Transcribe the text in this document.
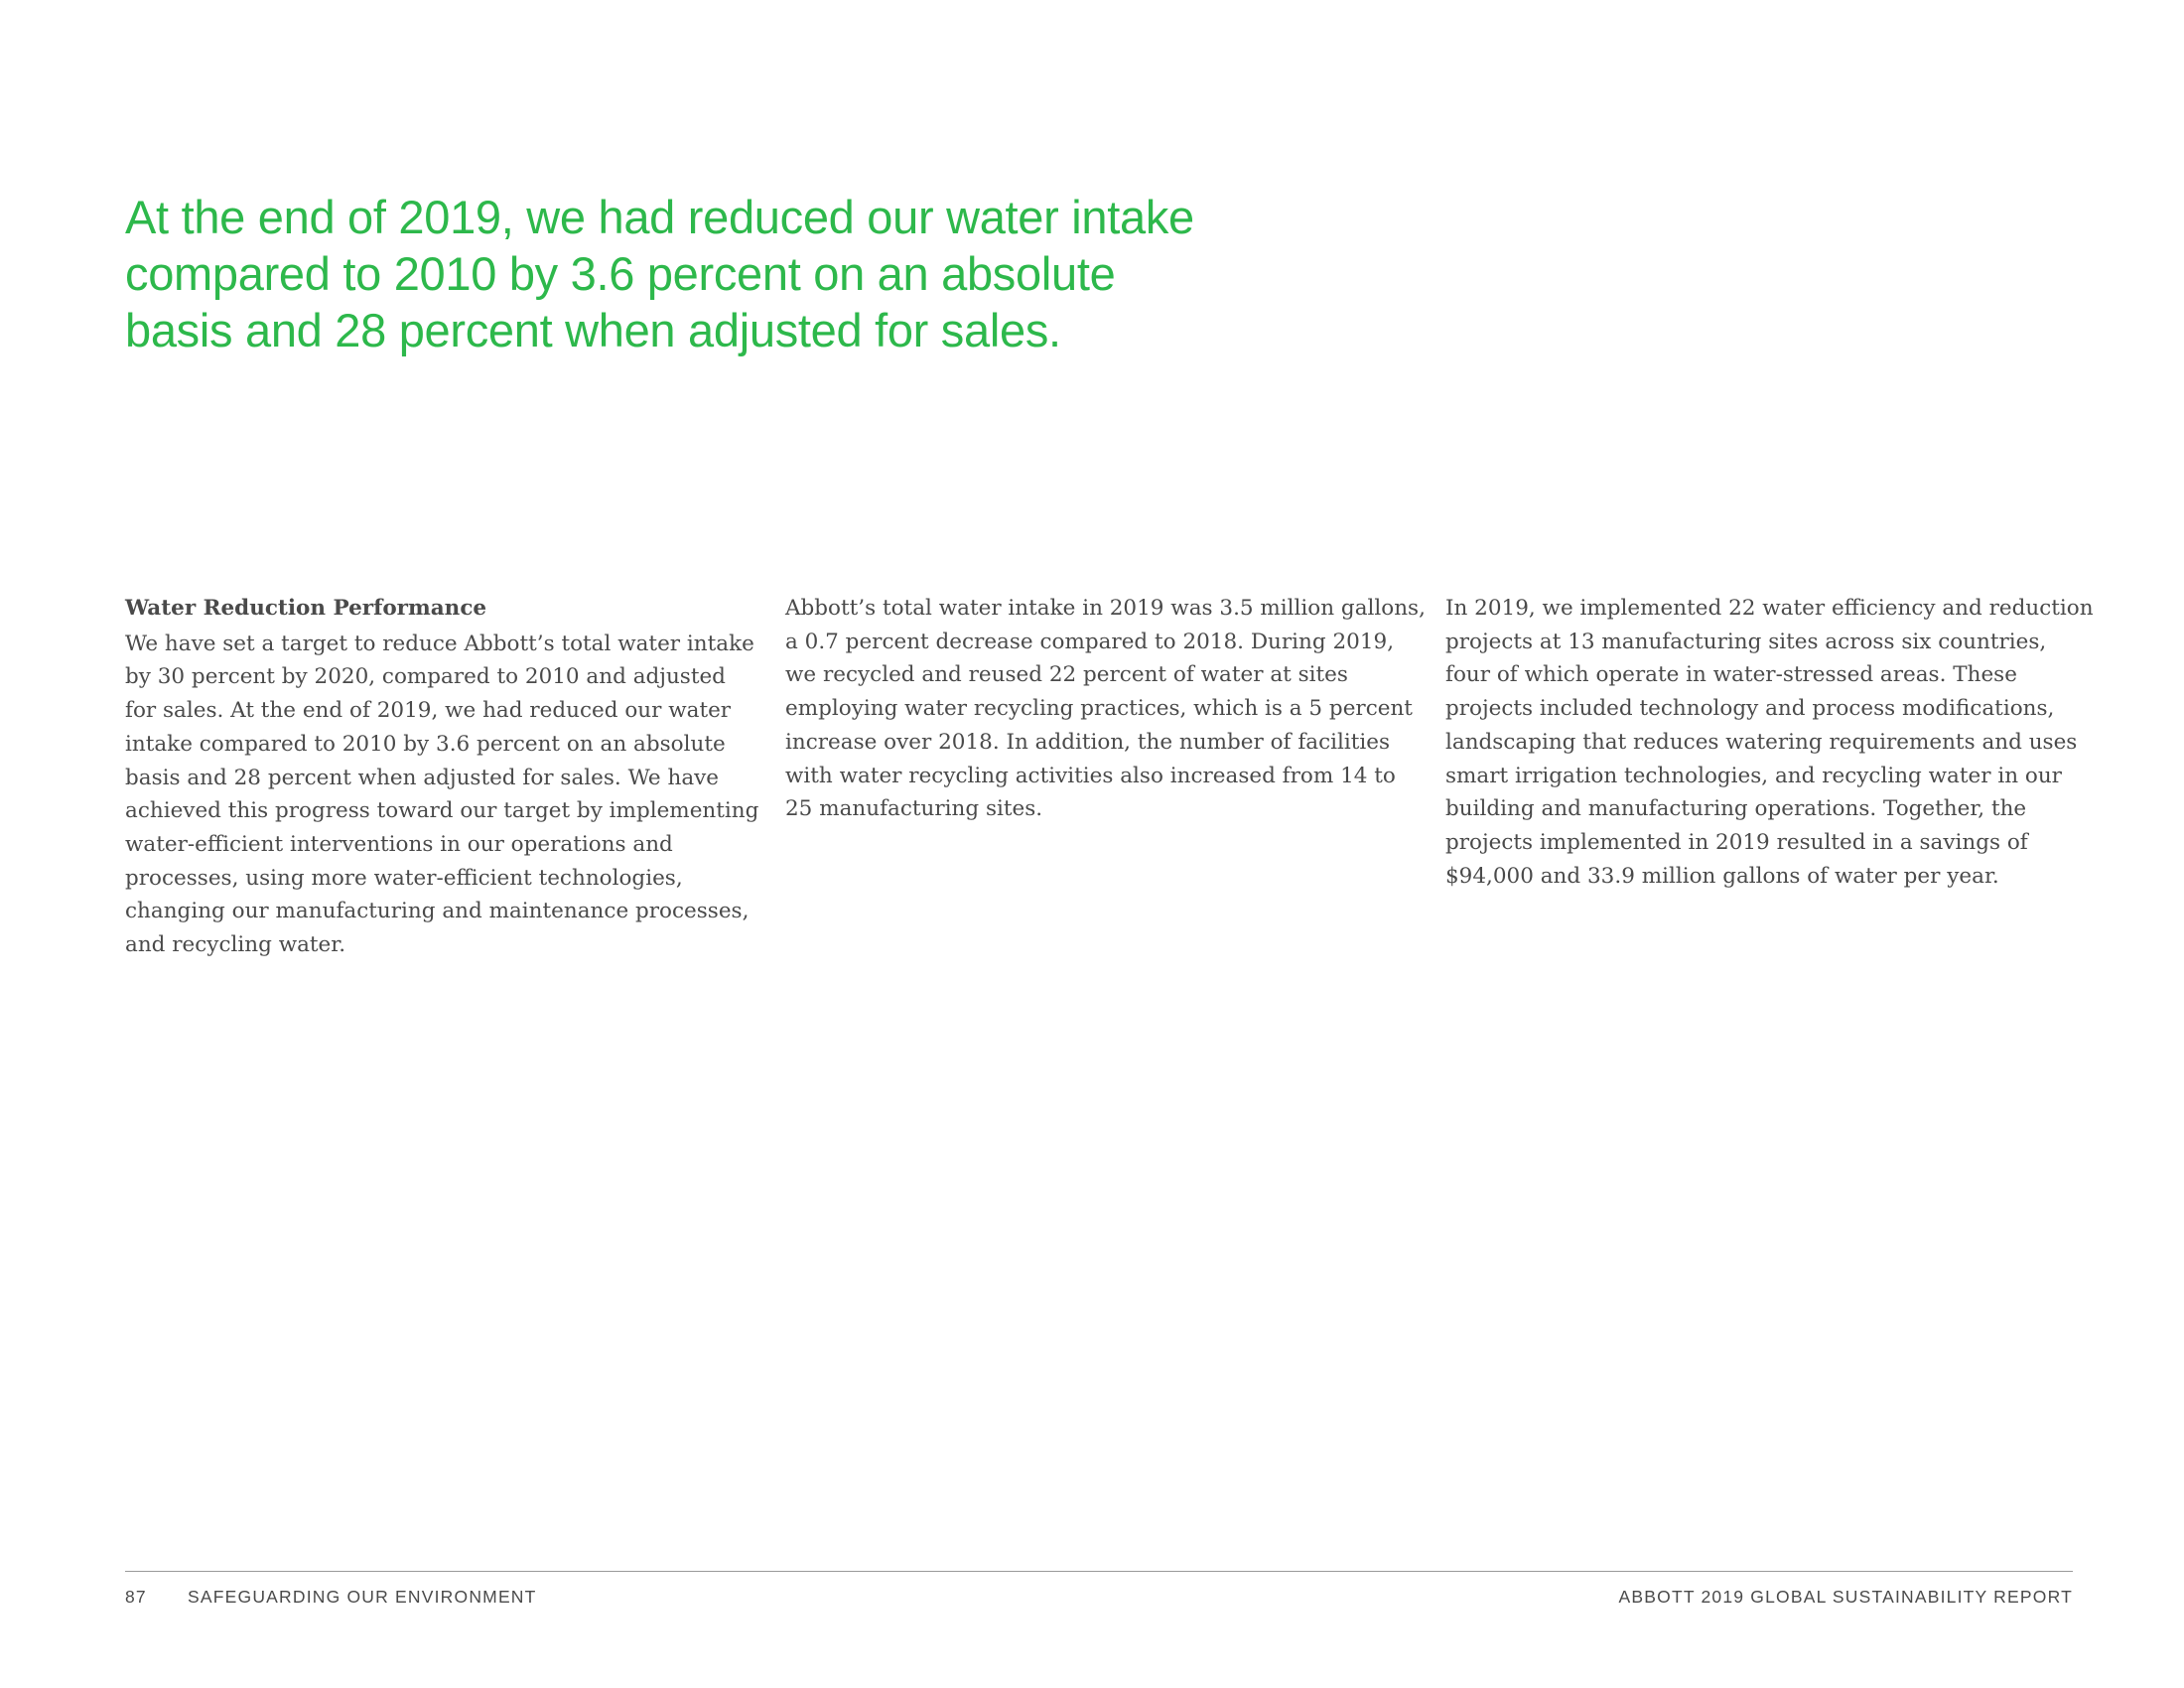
At the end of 2019, we had reduced our water intake
compared to 2010 by 3.6 percent on an absolute
basis and 28 percent when adjusted for sales.
Water Reduction Performance
We have set a target to reduce Abbott’s total water intake
by 30 percent by 2020, compared to 2010 and adjusted
for sales. At the end of 2019, we had reduced our water
intake compared to 2010 by 3.6 percent on an absolute
basis and 28 percent when adjusted for sales. We have
achieved this progress toward our target by implementing
water-efficient interventions in our operations and
processes, using more water-efficient technologies,
changing our manufacturing and maintenance processes,
and recycling water.
Abbott’s total water intake in 2019 was 3.5 million gallons,
a 0.7 percent decrease compared to 2018. During 2019,
we recycled and reused 22 percent of water at sites
employing water recycling practices, which is a 5 percent
increase over 2018. In addition, the number of facilities
with water recycling activities also increased from 14 to
25 manufacturing sites.
In 2019, we implemented 22 water efficiency and reduction
projects at 13 manufacturing sites across six countries,
four of which operate in water-stressed areas. These
projects included technology and process modifications,
landscaping that reduces watering requirements and uses
smart irrigation technologies, and recycling water in our
building and manufacturing operations. Together, the
projects implemented in 2019 resulted in a savings of
$94,000 and 33.9 million gallons of water per year.
87 SAFEGUARDING OUR ENVIRONMENT	ABBOTT 2019 GLOBAL SUSTAINABILITY REPORT
